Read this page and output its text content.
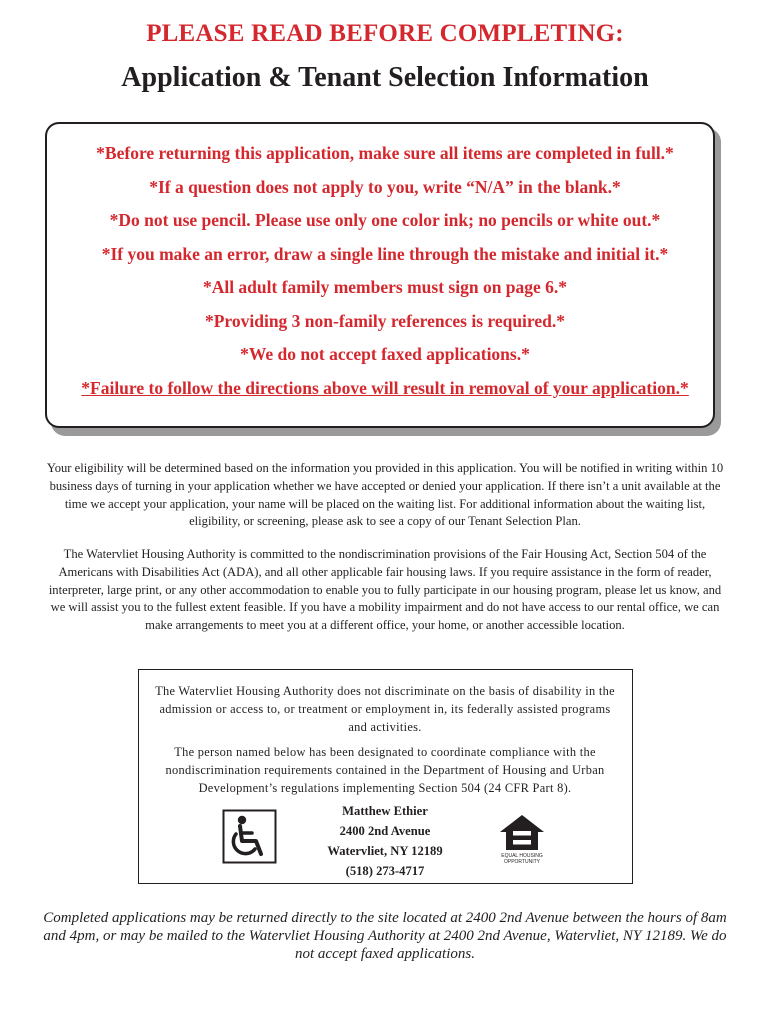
PLEASE READ BEFORE COMPLETING:
Application & Tenant Selection Information
*Before returning this application, make sure all items are completed in full.*
*If a question does not apply to you, write “N/A” in the blank.*
*Do not use pencil. Please use only one color ink; no pencils or white out.*
*If you make an error, draw a single line through the mistake and initial it.*
*All adult family members must sign on page 6.*
*Providing 3 non-family references is required.*
*We do not accept faxed applications.*
*Failure to follow the directions above will result in removal of your application.*
Your eligibility will be determined based on the information you provided in this application. You will be notified in writing within 10 business days of turning in your application whether we have accepted or denied your application. If there isn’t a unit available at the time we accept your application, your name will be placed on the waiting list. For additional information about the waiting list, eligibility, or screening, please ask to see a copy of our Tenant Selection Plan.
The Watervliet Housing Authority is committed to the nondiscrimination provisions of the Fair Housing Act, Section 504 of the Americans with Disabilities Act (ADA), and all other applicable fair housing laws. If you require assistance in the form of reader, interpreter, large print, or any other accommodation to enable you to fully participate in our housing program, please let us know, and we will assist you to the fullest extent feasible. If you have a mobility impairment and do not have access to our rental office, we can make arrangements to meet you at a different office, your home, or another accessible location.
The Watervliet Housing Authority does not discriminate on the basis of disability in the admission or access to, or treatment or employment in, its federally assisted programs and activities.
The person named below has been designated to coordinate compliance with the nondiscrimination requirements contained in the Department of Housing and Urban Development’s regulations implementing Section 504 (24 CFR Part 8).
Matthew Ethier
2400 2nd Avenue
Watervliet, NY 12189
(518) 273-4717
EQUAL HOUSING
OPPORTUNITY
Completed applications may be returned directly to the site located at 2400 2nd Avenue between the hours of 8am and 4pm, or may be mailed to the Watervliet Housing Authority at 2400 2nd Avenue, Watervliet, NY 12189. We do not accept faxed applications.
